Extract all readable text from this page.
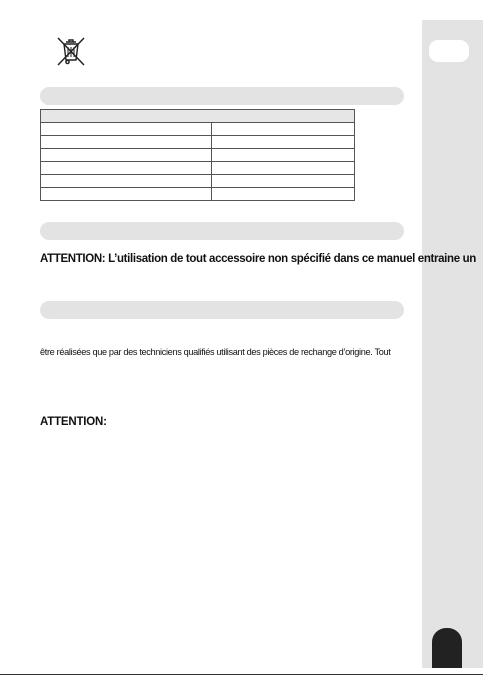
ATTENTION: L’utilisation de tout accessoire non spécifié dans ce manuel entraine un
être réalisées que par des techniciens qualifiés utilisant des pièces de rechange d’origine. Tout
ATTENTION:
